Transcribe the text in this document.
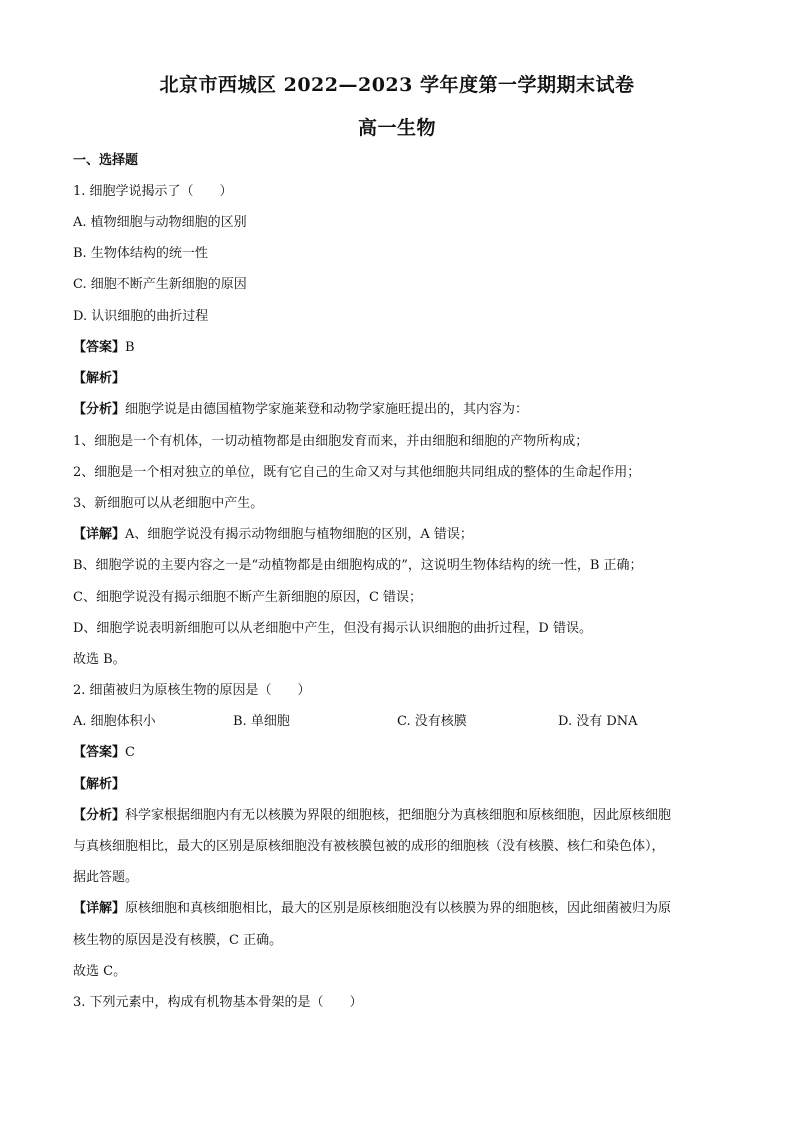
北京市西城区 2022—2023 学年度第一学期期末试卷
高一生物
一、选择题
1. 细胞学说揭示了（　　）
A. 植物细胞与动物细胞的区别
B. 生物体结构的统一性
C. 细胞不断产生新细胞的原因
D. 认识细胞的曲折过程
【答案】B
【解析】
【分析】细胞学说是由德国植物学家施莱登和动物学家施旺提出的，其内容为：
1、细胞是一个有机体，一切动植物都是由细胞发育而来，并由细胞和细胞的产物所构成；
2、细胞是一个相对独立的单位，既有它自己的生命又对与其他细胞共同组成的整体的生命起作用；
3、新细胞可以从老细胞中产生。
【详解】A、细胞学说没有揭示动物细胞与植物细胞的区别，A 错误；
B、细胞学说的主要内容之一是“动植物都是由细胞构成的”，这说明生物体结构的统一性，B 正确；
C、细胞学说没有揭示细胞不断产生新细胞的原因，C 错误；
D、细胞学说表明新细胞可以从老细胞中产生，但没有揭示认识细胞的曲折过程，D 错误。
故选 B。
2. 细菌被归为原核生物的原因是（　　）
A. 细胞体积小	B. 单细胞	C. 没有核膜	D. 没有 DNA
【答案】C
【解析】
【分析】科学家根据细胞内有无以核膜为界限的细胞核，把细胞分为真核细胞和原核细胞，因此原核细胞
与真核细胞相比，最大的区别是原核细胞没有被核膜包被的成形的细胞核（没有核膜、核仁和染色体），
据此答题。
【详解】原核细胞和真核细胞相比，最大的区别是原核细胞没有以核膜为界的细胞核，因此细菌被归为原
核生物的原因是没有核膜，C 正确。
故选 C。
3. 下列元素中，构成有机物基本骨架的是（　　）
